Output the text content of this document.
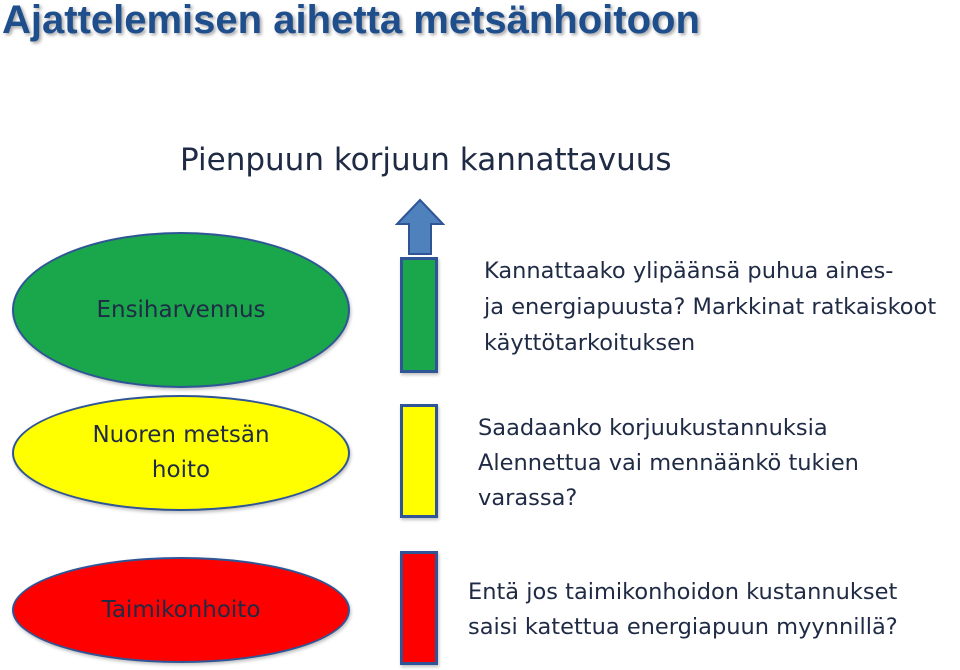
Ajattelemisen aihetta metsänhoitoon
Pienpuun korjuun kannattavuus
Ensiharvennus
Kannattaako ylipäänsä puhua aines-
ja energiapuusta? Markkinat ratkaiskoot
käyttötarkoituksen
Nuoren metsän
hoito
Saadaanko korjuukustannuksia
Alennettua vai mennäänkö tukien
varassa?
Taimikonhoito
Entä jos taimikonhoidon kustannukset
saisi katettua energiapuun myynnillä?
